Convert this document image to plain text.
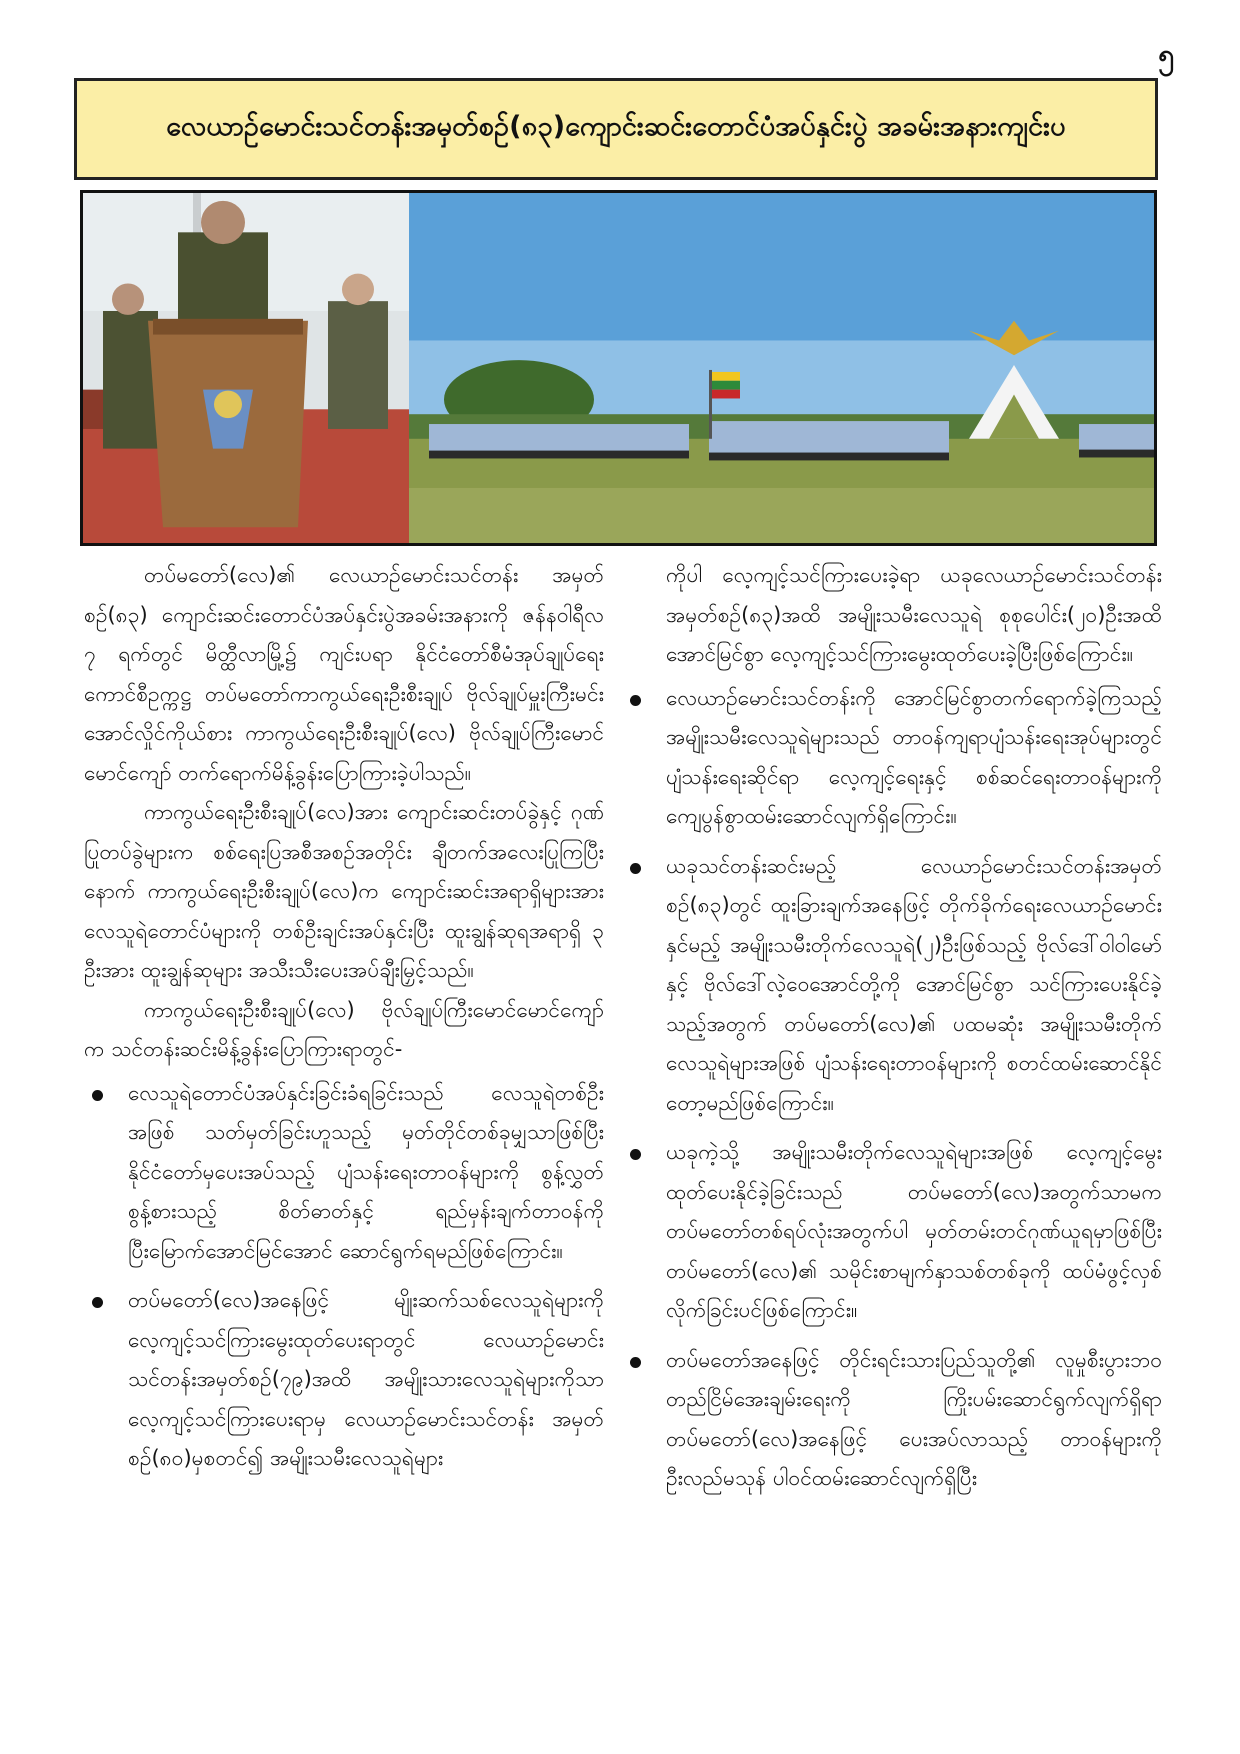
၅
လေယာဉ်မောင်းသင်တန်းအမှတ်စဉ်(၈၃)ကျောင်းဆင်းတောင်ပံအပ်နှင်းပွဲ အခမ်းအနားကျင်းပ

တပ်မတော်(လေ)၏ လေယာဉ်မောင်းသင်တန်း အမှတ်စဉ်(၈၃) ကျောင်းဆင်းတောင်ပံအပ်နှင်းပွဲအခမ်းအနားကို ဇန်နဝါရီလ ၇ ရက်တွင် မိတ္ထီလာမြို့၌ ကျင်းပရာ နိုင်ငံတော်စီမံအုပ်ချုပ်ရေးကောင်စီဥက္ကဋ္ဌ တပ်မတော်ကာကွယ်ရေးဦးစီးချုပ် ဗိုလ်ချုပ်မှူးကြီးမင်းအောင်လှိုင်ကိုယ်စား ကာကွယ်ရေးဦးစီးချုပ်(လေ) ဗိုလ်ချုပ်ကြီးမောင်မောင်ကျော် တက်ရောက်မိန့်ခွန်းပြောကြားခဲ့ပါသည်။

ကာကွယ်ရေးဦးစီးချုပ်(လေ)အား ကျောင်းဆင်းတပ်ခွဲနှင့် ဂုဏ်ပြုတပ်ခွဲများက စစ်ရေးပြအစီအစဉ်အတိုင်း ချီတက်အလေးပြုကြပြီးနောက် ကာကွယ်ရေးဦးစီးချုပ်(လေ)က ကျောင်းဆင်းအရာရှိများအား လေသူရဲတောင်ပံများကို တစ်ဦးချင်းအပ်နှင်းပြီး ထူးချွန်ဆုရအရာရှိ ၃ ဦးအား ထူးချွန်ဆုများ အသီးသီးပေးအပ်ချီးမြှင့်သည်။

ကာကွယ်ရေးဦးစီးချုပ်(လေ) ဗိုလ်ချုပ်ကြီးမောင်မောင်ကျော်က သင်တန်းဆင်းမိန့်ခွန်းပြောကြားရာတွင်-

လေသူရဲတောင်ပံအပ်နှင်းခြင်းခံရခြင်းသည် လေသူရဲတစ်ဦးအဖြစ် သတ်မှတ်ခြင်းဟူသည့် မှတ်တိုင်တစ်ခုမျှသာဖြစ်ပြီး နိုင်ငံတော်မှပေးအပ်သည့် ပျံသန်းရေးတာဝန်များကို စွန့်လွှတ်စွန့်စားသည့် စိတ်ဓာတ်နှင့် ရည်မှန်းချက်တာဝန်ကို ပြီးမြောက်အောင်မြင်အောင် ဆောင်ရွက်ရမည်ဖြစ်ကြောင်း။

တပ်မတော်(လေ)အနေဖြင့် မျိုးဆက်သစ်လေသူရဲများကို လေ့ကျင့်သင်ကြားမွေးထုတ်ပေးရာတွင် လေယာဉ်မောင်းသင်တန်းအမှတ်စဉ်(၇၉)အထိ အမျိုးသားလေသူရဲများကိုသာ လေ့ကျင့်သင်ကြားပေးရာမှ လေယာဉ်မောင်းသင်တန်း အမှတ်စဉ်(၈၀)မှစတင်၍ အမျိုးသမီးလေသူရဲများ

ကိုပါ လေ့ကျင့်သင်ကြားပေးခဲ့ရာ ယခုလေယာဉ်မောင်းသင်တန်း အမှတ်စဉ်(၈၃)အထိ အမျိုးသမီးလေသူရဲ စုစုပေါင်း(၂၀)ဦးအထိ အောင်မြင်စွာ လေ့ကျင့်သင်ကြားမွေးထုတ်ပေးခဲ့ပြီးဖြစ်ကြောင်း။

လေယာဉ်မောင်းသင်တန်းကို အောင်မြင်စွာတက်ရောက်ခဲ့ကြသည့် အမျိုးသမီးလေသူရဲများသည် တာဝန်ကျရာပျံသန်းရေးအုပ်များတွင် ပျံသန်းရေးဆိုင်ရာ လေ့ကျင့်ရေးနှင့် စစ်ဆင်ရေးတာဝန်များကို ကျေပွန်စွာထမ်းဆောင်လျက်ရှိကြောင်း။

ယခုသင်တန်းဆင်းမည့် လေယာဉ်မောင်းသင်တန်းအမှတ်စဉ်(၈၃)တွင် ထူးခြားချက်အနေဖြင့် တိုက်ခိုက်ရေးလေယာဉ်မောင်းနှင်မည့် အမျိုးသမီးတိုက်လေသူရဲ(၂)ဦးဖြစ်သည့် ဗိုလ်ဒေါ်ဝါဝါမော်နှင့် ဗိုလ်ဒေါ်လဲ့ဝေအောင်တို့ကို အောင်မြင်စွာ သင်ကြားပေးနိုင်ခဲ့သည့်အတွက် တပ်မတော်(လေ)၏ ပထမဆုံး အမျိုးသမီးတိုက်လေသူရဲများအဖြစ် ပျံသန်းရေးတာဝန်များကို စတင်ထမ်းဆောင်နိုင်တော့မည်ဖြစ်ကြောင်း။

ယခုကဲ့သို့ အမျိုးသမီးတိုက်လေသူရဲများအဖြစ် လေ့ကျင့်မွေးထုတ်ပေးနိုင်ခဲ့ခြင်းသည် တပ်မတော်(လေ)အတွက်သာမက တပ်မတော်တစ်ရပ်လုံးအတွက်ပါ မှတ်တမ်းတင်ဂုဏ်ယူရမှာဖြစ်ပြီး တပ်မတော်(လေ)၏ သမိုင်းစာမျက်နှာသစ်တစ်ခုကို ထပ်မံဖွင့်လှစ်လိုက်ခြင်းပင်ဖြစ်ကြောင်း။

တပ်မတော်အနေဖြင့် တိုင်းရင်းသားပြည်သူတို့၏ လူမှုစီးပွားဘဝ တည်ငြိမ်အေးချမ်းရေးကို ကြိုးပမ်းဆောင်ရွက်လျက်ရှိရာ တပ်မတော်(လေ)အနေဖြင့် ပေးအပ်လာသည့် တာဝန်များကို ဦးလည်မသုန် ပါဝင်ထမ်းဆောင်လျက်ရှိပြီး
